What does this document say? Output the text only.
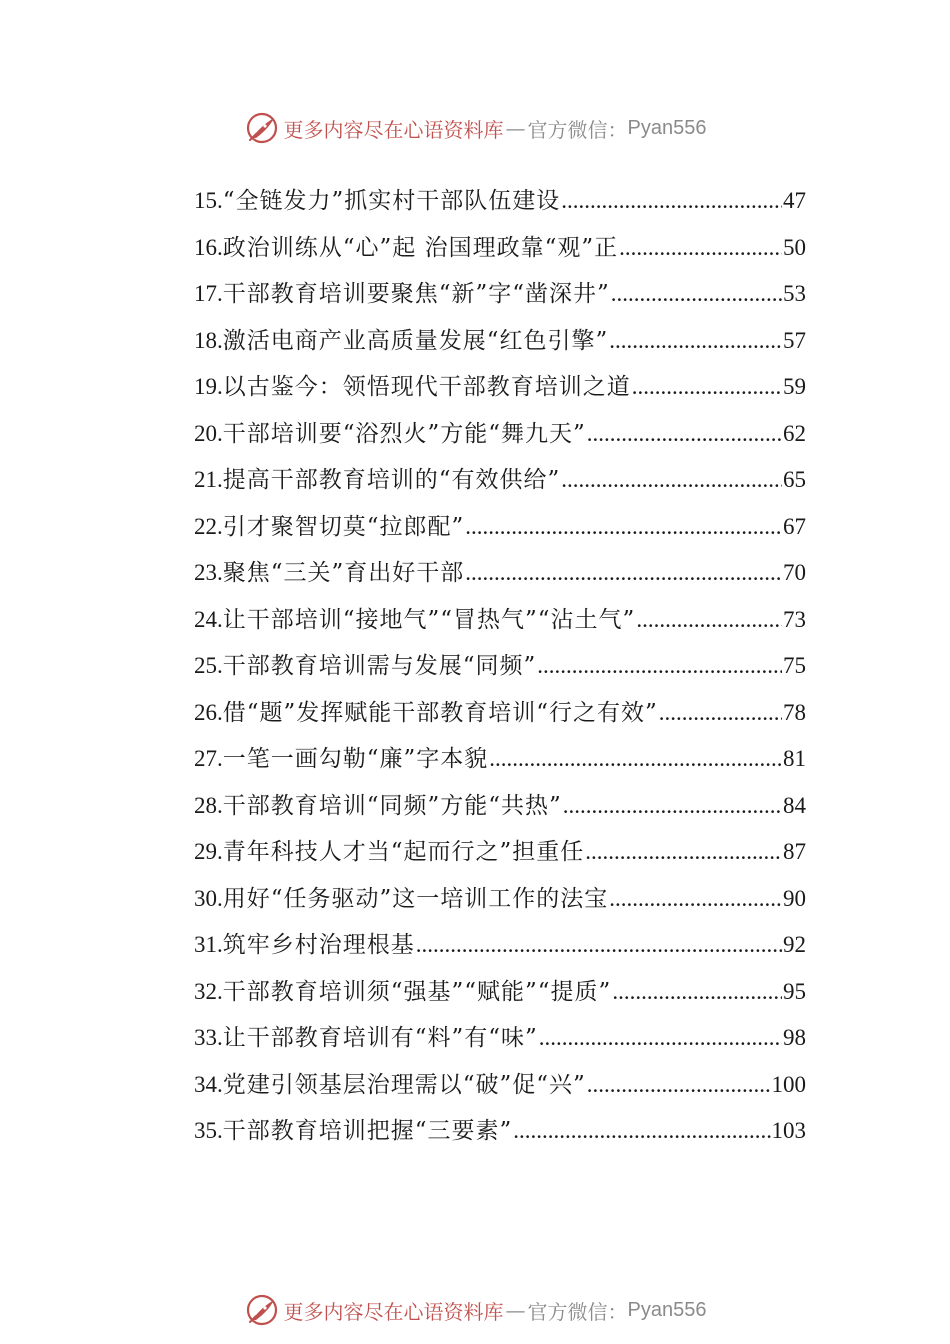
更多内容尽在心语资料库 — 官方微信： Pyan556
15. “全链发力”抓实村干部队伍建设 .....	47
16. 政治训练从“心”起 治国理政靠“观”正 .....	50
17. 干部教育培训要聚焦“新”字“凿深井” .....	53
18. 激活电商产业高质量发展“红色引擎” .....	57
19. 以古鉴今：领悟现代干部教育培训之道 .....	59
20. 干部培训要“浴烈火”方能“舞九天” .....	62
21. 提高干部教育培训的“有效供给” .....	65
22. 引才聚智切莫“拉郎配” .....	67
23. 聚焦“三关”育出好干部 .....	70
24. 让干部培训“接地气”“冒热气”“沾土气” .....	73
25. 干部教育培训需与发展“同频” .....	75
26. 借“题”发挥赋能干部教育培训“行之有效” .....	78
27. 一笔一画勾勒“廉”字本貌 .....	81
28. 干部教育培训“同频”方能“共热” .....	84
29. 青年科技人才当“起而行之”担重任 .....	87
30. 用好“任务驱动”这一培训工作的法宝 .....	90
31. 筑牢乡村治理根基 .....	92
32. 干部教育培训须“强基”“赋能”“提质” .....	95
33. 让干部教育培训有“料”有“味” .....	98
34. 党建引领基层治理需以“破”促“兴” .....	100
35. 干部教育培训把握“三要素” .....	103
更多内容尽在心语资料库 — 官方微信： Pyan556
